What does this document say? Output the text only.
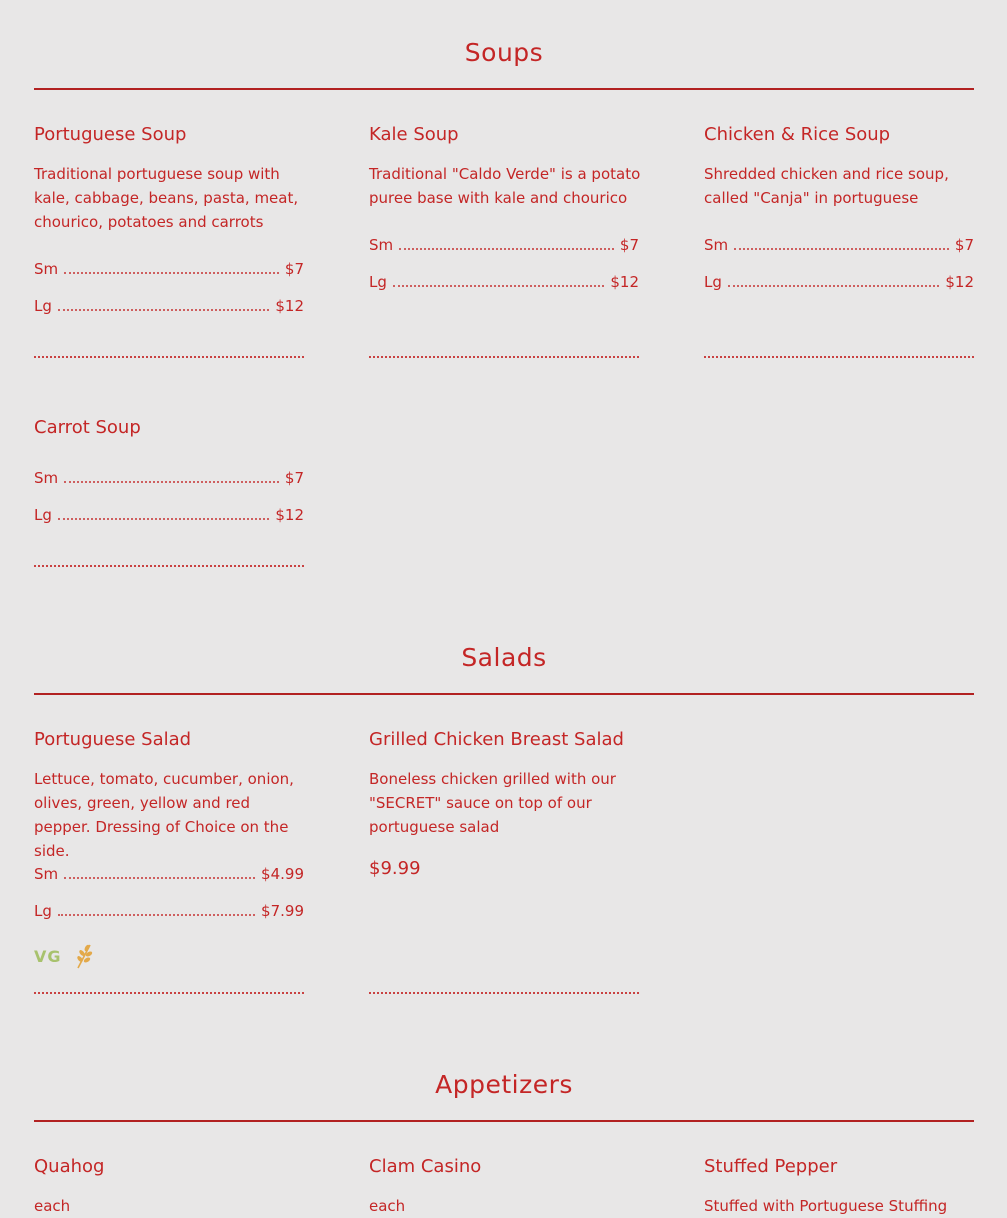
Soups
Portuguese Soup
Traditional portuguese soup with kale, cabbage, beans, pasta, meat, chourico, potatoes and carrots
Sm	$7
Lg	$12
Kale Soup
Traditional "Caldo Verde" is a potato puree base with kale and chourico
Sm	$7
Lg	$12
Chicken & Rice Soup
Shredded chicken and rice soup, called "Canja" in portuguese
Sm	$7
Lg	$12
Carrot Soup
Sm	$7
Lg	$12
Salads
Portuguese Salad
Lettuce, tomato, cucumber, onion, olives, green, yellow and red pepper. Dressing of Choice on the side.
Sm	$4.99
Lg	$7.99
VG
Grilled Chicken Breast Salad
Boneless chicken grilled with our "SECRET" sauce on top of our portuguese salad
$9.99
Appetizers
Quahog
each
Clam Casino
each
Stuffed Pepper
Stuffed with Portuguese Stuffing
